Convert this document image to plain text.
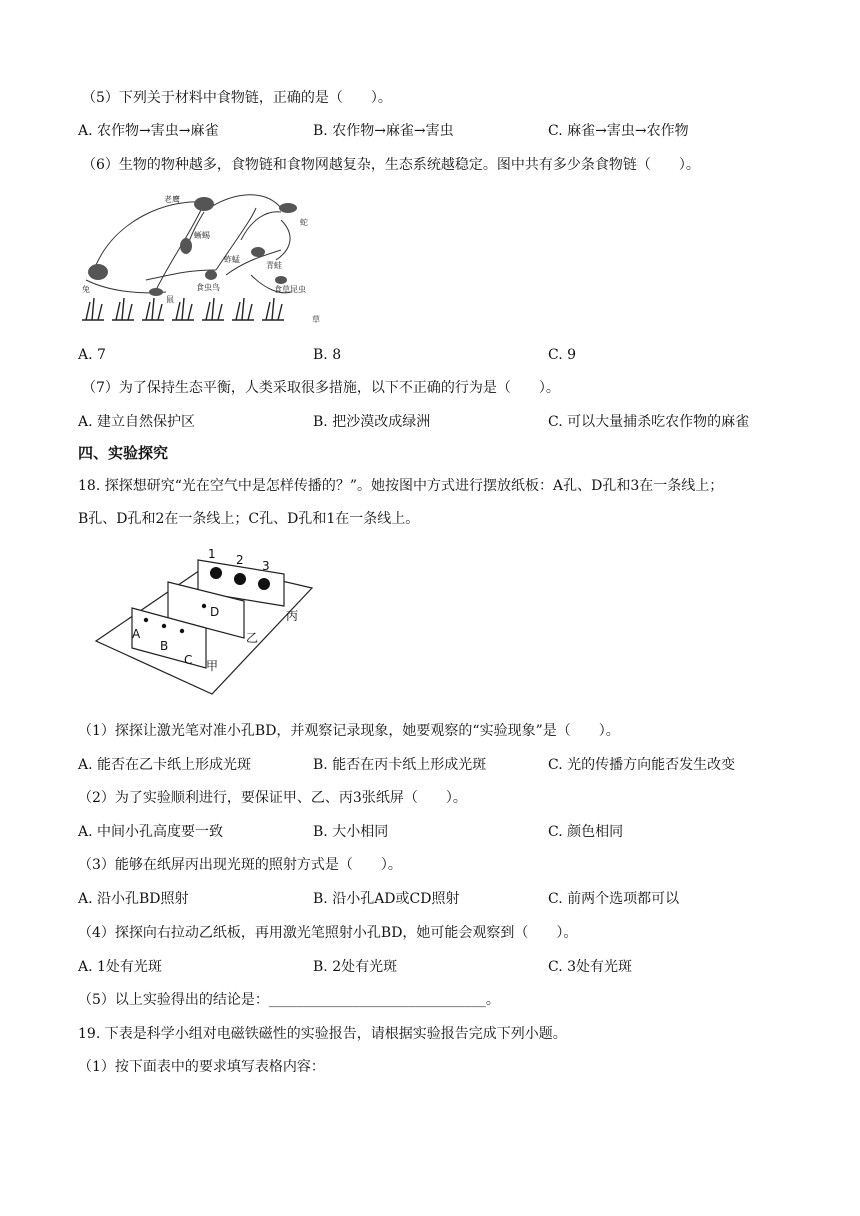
（5）下列关于材料中食物链，正确的是（　　）。
A. 农作物→害虫→麻雀	B. 农作物→麻雀→害虫	C. 麻雀→害虫→农作物
（6）生物的物种越多，食物链和食物网越复杂，生态系统越稳定。图中共有多少条食物链（　　）。
老鹰
蛇
兔
鼠
蜥蜴
青蛙
蚱蜢
食虫鸟	食草昆虫
草
A. 7	B. 8	C. 9
（7）为了保持生态平衡，人类采取很多措施，以下不正确的行为是（　　）。
A. 建立自然保护区	B. 把沙漠改成绿洲	C. 可以大量捕杀吃农作物的麻雀
四、实验探究
18. 探探想研究“光在空气中是怎样传播的？”。她按图中方式进行摆放纸板：A孔、D孔和3在一条线上；
B孔、D孔和2在一条线上；C孔、D孔和1在一条线上。
1 2 3
D
A
B
C 甲
乙
丙
（1）探探让激光笔对准小孔BD，并观察记录现象，她要观察的“实验现象”是（　　）。
A. 能否在乙卡纸上形成光斑	B. 能否在丙卡纸上形成光斑	C. 光的传播方向能否发生改变
（2）为了实验顺利进行，要保证甲、乙、丙3张纸屏（　　）。
A. 中间小孔高度要一致	B. 大小相同	C. 颜色相同
（3）能够在纸屏丙出现光斑的照射方式是（　　）。
A. 沿小孔BD照射	B. 沿小孔AD或CD照射	C. 前两个选项都可以
（4）探探向右拉动乙纸板，再用激光笔照射小孔BD，她可能会观察到（　　）。
A. 1处有光斑	B. 2处有光斑	C. 3处有光斑
（5）以上实验得出的结论是：_______________________________。
19. 下表是科学小组对电磁铁磁性的实验报告，请根据实验报告完成下列小题。
（1）按下面表中的要求填写表格内容：
